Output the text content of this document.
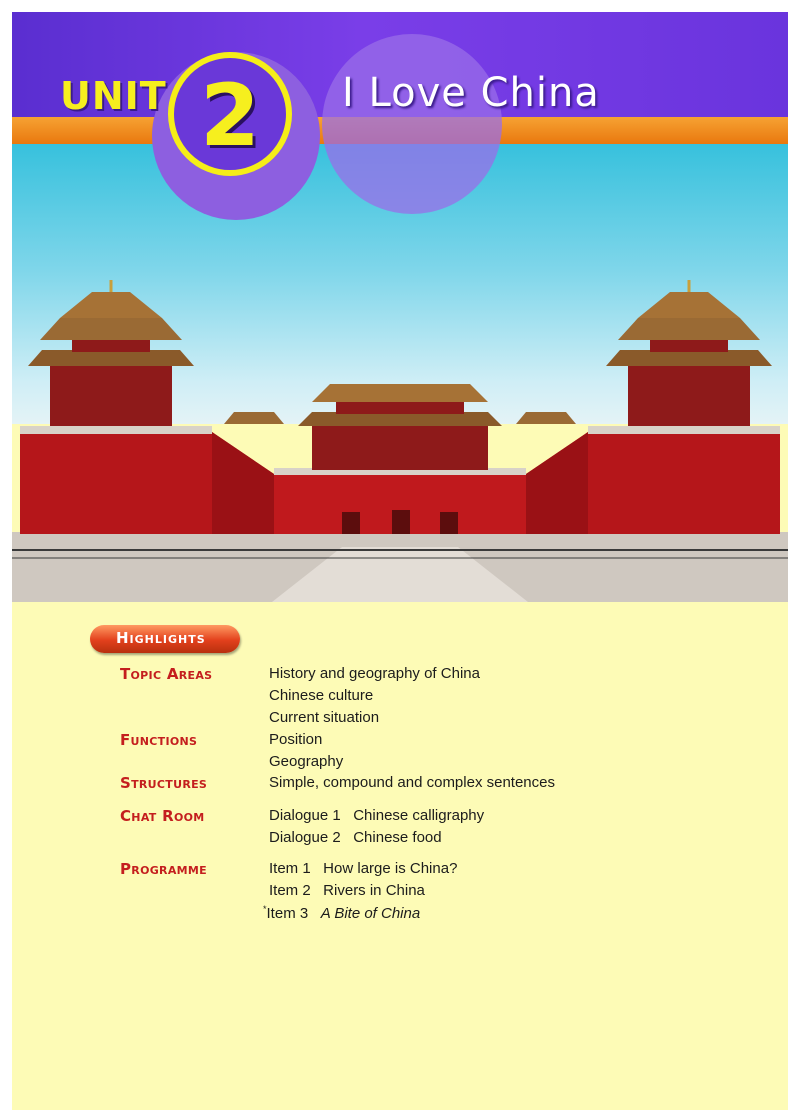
UNIT 2	I Love China
Highlights
Topic Areas	History and geography of China
Chinese culture
Current situation
Functions	Position
Geography
Structures	Simple, compound and complex sentences
Chat Room	Dialogue 1   Chinese calligraphy
Dialogue 2   Chinese food
Programme	Item 1   How large is China?
Item 2   Rivers in China
*Item 3   A Bite of China
